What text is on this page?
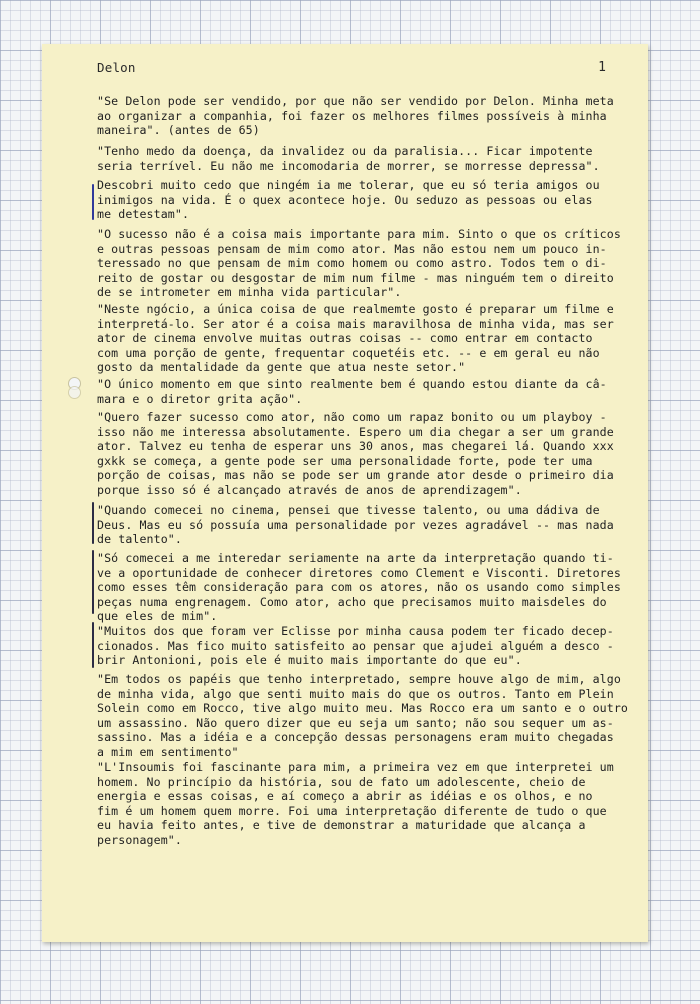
Delon	1
"Se Delon pode ser vendido, por que não ser vendido por Delon. Minha meta
ao organizar a companhia, foi fazer os melhores filmes possíveis à minha
maneira". (antes de 65)
"Tenho medo da doença, da invalidez ou da paralisia... Ficar impotente
seria terrível. Eu não me incomodaria de morrer, se morresse depressa".
Descobri muito cedo que ningém ia me tolerar, que eu só teria amigos ou
inimigos na vida. É o quex acontece hoje. Ou seduzo as pessoas ou elas
me detestam".
"O sucesso não é a coisa mais importante para mim. Sinto o que os críticos
e outras pessoas pensam de mim como ator. Mas não estou nem um pouco in-
teressado no que pensam de mim como homem ou como astro. Todos tem o di-
reito de gostar ou desgostar de mim num filme - mas ninguém tem o direito
de se intrometer em minha vida particular".
"Neste ngócio, a única coisa de que realmemte gosto é preparar um filme e
interpretá-lo. Ser ator é a coisa mais maravilhosa de minha vida, mas ser
ator de cinema envolve muitas outras coisas -- como entrar em contacto
com uma porção de gente, frequentar coquetéis etc. -- e em geral eu não
gosto da mentalidade da gente que atua neste setor."
"O único momento em que sinto realmente bem é quando estou diante da câ-
mara e o diretor grita ação".
"Quero fazer sucesso como ator, não como um rapaz bonito ou um playboy -
isso não me interessa absolutamente. Espero um dia chegar a ser um grande
ator. Talvez eu tenha de esperar uns 30 anos, mas chegarei lá. Quando xxx
gxkk se começa, a gente pode ser uma personalidade forte, pode ter uma
porção de coisas, mas não se pode ser um grande ator desde o primeiro dia
porque isso só é alcançado através de anos de aprendizagem".
"Quando comecei no cinema, pensei que tivesse talento, ou uma dádiva de
Deus. Mas eu só possuía uma personalidade por vezes agradável -- mas nada
de talento".
"Só comecei a me interedar seriamente na arte da interpretação quando ti-
ve a oportunidade de conhecer diretores como Clement e Visconti. Diretores
como esses têm consideração para com os atores, não os usando como simples
peças numa engrenagem. Como ator, acho que precisamos muito maisdeles do
que eles de mim".
"Muitos dos que foram ver Eclisse por minha causa podem ter ficado decep-
cionados. Mas fico muito satisfeito ao pensar que ajudei alguém a desco -
brir Antonioni, pois ele é muito mais importante do que eu".
"Em todos os papéis que tenho interpretado, sempre houve algo de mim, algo
de minha vida, algo que senti muito mais do que os outros. Tanto em Plein
Solein como em Rocco, tive algo muito meu. Mas Rocco era um santo e o outro
um assassino. Não quero dizer que eu seja um santo; não sou sequer um as-
sassino. Mas a idéia e a concepção dessas personagens eram muito chegadas
a mim em sentimento"
"L'Insoumis foi fascinante para mim, a primeira vez em que interpretei um
homem. No princípio da história, sou de fato um adolescente, cheio de
energia e essas coisas, e aí começo a abrir as idéias e os olhos, e no
fim é um homem quem morre. Foi uma interpretação diferente de tudo o que
eu havia feito antes, e tive de demonstrar a maturidade que alcança a
personagem".
